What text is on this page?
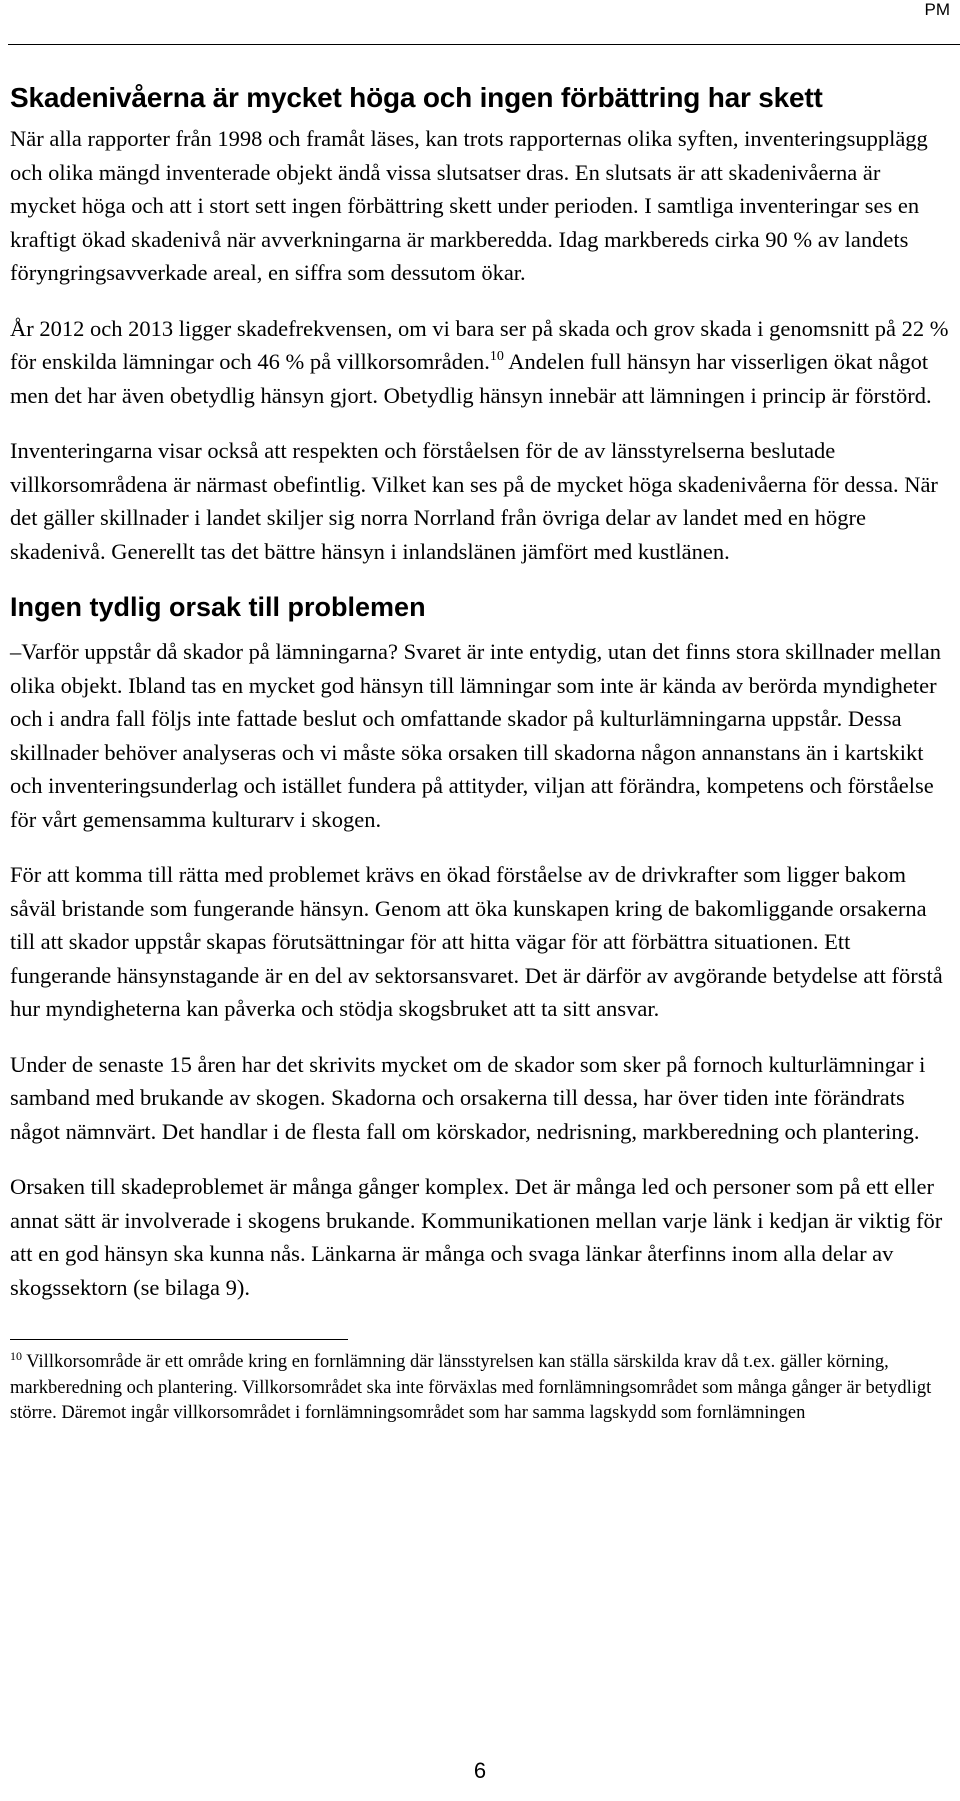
PM
Skadenivåerna är mycket höga och ingen förbättring har skett

När alla rapporter från 1998 och framåt läses, kan trots rapporternas olika syften, inventeringsupplägg och olika mängd inventerade objekt ändå vissa slutsatser dras. En slutsats är att skadenivåerna är mycket höga och att i stort sett ingen förbättring skett under perioden. I samtliga inventeringar ses en kraftigt ökad skadenivå när avverkningarna är markberedda. Idag markbereds cirka 90 % av landets föryngringsavverkade areal, en siffra som dessutom ökar.

År 2012 och 2013 ligger skadefrekvensen, om vi bara ser på skada och grov skada i genomsnitt på 22 % för enskilda lämningar och 46 % på villkorsområden.$^{10}$ Andelen full hänsyn har visserligen ökat något men det har även obetydlig hänsyn gjort. Obetydlig hänsyn innebär att lämningen i princip är förstörd.

Inventeringarna visar också att respekten och förståelsen för de av länsstyrelserna beslutade villkorsområdena är närmast obefintlig. Vilket kan ses på de mycket höga skadenivåerna för dessa. När det gäller skillnader i landet skiljer sig norra Norrland från övriga delar av landet med en högre skadenivå. Generellt tas det bättre hänsyn i inlandslänen jämfört med kustlänen.

Ingen tydlig orsak till problemen

–Varför uppstår då skador på lämningarna? Svaret är inte entydig, utan det finns stora skillnader mellan olika objekt. Ibland tas en mycket god hänsyn till lämningar som inte är kända av berörda myndigheter och i andra fall följs inte fattade beslut och omfattande skador på kulturlämningarna uppstår. Dessa skillnader behöver analyseras och vi måste söka orsaken till skadorna någon annanstans än i kartskikt och inventeringsunderlag och istället fundera på attityder, viljan att förändra, kompetens och förståelse för vårt gemensamma kulturarv i skogen.

För att komma till rätta med problemet krävs en ökad förståelse av de drivkrafter som ligger bakom såväl bristande som fungerande hänsyn. Genom att öka kunskapen kring de bakomliggande orsakerna till att skador uppstår skapas förutsättningar för att hitta vägar för att förbättra situationen. Ett fungerande hänsynstagande är en del av sektorsansvaret. Det är därför av avgörande betydelse att förstå hur myndigheterna kan påverka och stödja skogsbruket att ta sitt ansvar.

Under de senaste 15 åren har det skrivits mycket om de skador som sker på fornoch kulturlämningar i samband med brukande av skogen. Skadorna och orsakerna till dessa, har över tiden inte förändrats något nämnvärt. Det handlar i de flesta fall om körskador, nedrisning, markberedning och plantering.

Orsaken till skadeproblemet är många gånger komplex. Det är många led och personer som på ett eller annat sätt är involverade i skogens brukande. Kommunikationen mellan varje länk i kedjan är viktig för att en god hänsyn ska kunna nås. Länkarna är många och svaga länkar återfinns inom alla delar av skogssektorn (se bilaga 9).

$^{10}$ Villkorsområde är ett område kring en fornlämning där länsstyrelsen kan ställa särskilda krav då t.ex. gäller körning, markberedning och plantering. Villkorsområdet ska inte förväxlas med fornlämningsområdet som många gånger är betydligt större. Däremot ingår villkorsområdet i fornlämningsområdet som har samma lagskydd som fornlämningen

6
